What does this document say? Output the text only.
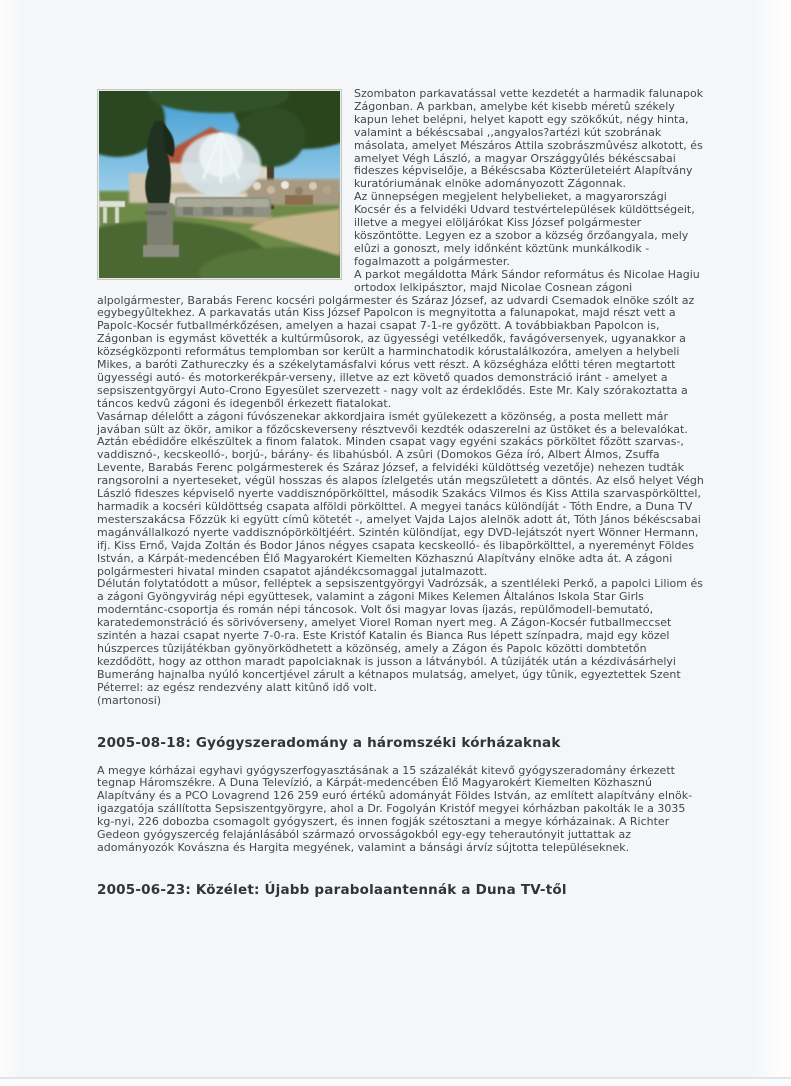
Szombaton parkavatással vette kezdetét a harmadik falunapok Zágonban. A parkban, amelybe két kisebb méretû székely kapun lehet belépni, helyet kapott egy szökőkút, négy hinta, valamint a békéscsabai ,,angyalos?artézi kút szobrának másolata, amelyet Mészáros Attila szobrászmûvész alkotott, és amelyet Végh László, a magyar Országgyûlés békéscsabai fideszes képviselője, a Békéscsaba Közterületeiért Alapítvány kuratóriumának elnöke adományozott Zágonnak.
Az ünnepségen megjelent helybelieket, a magyarországi Kocsér és a felvidéki Udvard testvértelepülések küldöttségeit, illetve a megyei elöljárókat Kiss József polgármester köszöntötte. Legyen ez a szobor a község őrzőangyala, mely elûzi a gonoszt, mely időnként köztünk munkálkodik - fogalmazott a polgármester.
A parkot megáldotta Márk Sándor református és Nicolae Hagiu ortodox lelkipásztor, majd Nicolae Cosnean zágoni alpolgármester, Barabás Ferenc kocséri polgármester és Száraz József, az udvardi Csemadok elnöke szólt az egybegyûltekhez. A parkavatás után Kiss József Papolcon is megnyitotta a falunapokat, majd részt vett a Papolc-Kocsér futballmérkőzésen, amelyen a hazai csapat 7-1-re győzött. A továbbiakban Papolcon is, Zágonban is egymást követték a kultúrmûsorok, az ügyességi vetélkedők, favágóversenyek, ugyanakkor a községközponti református templomban sor került a harminchatodik kórustalálkozóra, amelyen a helybeli Mikes, a baróti Zathureczky és a székelytamásfalvi kórus vett részt. A községháza előtti téren megtartott ügyességi autó- és motorkerékpár-verseny, illetve az ezt követő quados demonstráció iránt - amelyet a sepsiszentgyörgyi Auto-Crono Egyesület szervezett - nagy volt az érdeklődés. Este Mr. Kaly szórakoztatta a táncos kedvû zágoni és idegenből érkezett fiatalokat.
Vasárnap délelőtt a zágoni fúvószenekar akkordjaira ismét gyülekezett a közönség, a posta mellett már javában sült az ökör, amikor a főzőcskeverseny résztvevői kezdték odaszerelni az üstöket és a belevalókat. Aztán ebédidőre elkészültek a finom falatok. Minden csapat vagy egyéni szakács pörköltet főzött szarvas-, vaddisznó-, kecskeolló-, borjú-, bárány- és libahúsból. A zsûri (Domokos Géza író, Albert Álmos, Zsuffa Levente, Barabás Ferenc polgármesterek és Száraz József, a felvidéki küldöttség vezetője) nehezen tudták rangsorolni a nyerteseket, végül hosszas és alapos ízlelgetés után megszületett a döntés. Az első helyet Végh László fideszes képviselő nyerte vaddisznópörkölttel, második Szakács Vilmos és Kiss Attila szarvaspörkölttel, harmadik a kocséri küldöttség csapata alföldi pörkölttel. A megyei tanács különdíját - Tóth Endre, a Duna TV mesterszakácsa Főzzük ki együtt címû kötetét -, amelyet Vajda Lajos alelnök adott át, Tóth János békéscsabai magánvállalkozó nyerte vaddisznópörköltjéért. Szintén különdíjat, egy DVD-lejátszót nyert Wönner Hermann, ifj. Kiss Ernő, Vajda Zoltán és Bodor János négyes csapata kecskeolló- és libapörkölttel, a nyereményt Földes István, a Kárpát-medencében Élő Magyarokért Kiemelten Közhasznú Alapítvány elnöke adta át. A zágoni polgármesteri hivatal minden csapatot ajándékcsomaggal jutalmazott.
Délután folytatódott a mûsor, felléptek a sepsiszentgyörgyi Vadrózsák, a szentléleki Perkő, a papolci Liliom és a zágoni Gyöngyvirág népi együttesek, valamint a zágoni Mikes Kelemen Általános Iskola Star Girls moderntánc-csoportja és román népi táncosok. Volt ősi magyar lovas íjazás, repülőmodell-bemutató, karatedemonstráció és sörivóverseny, amelyet Viorel Roman nyert meg. A Zágon-Kocsér futballmeccset szintén a hazai csapat nyerte 7-0-ra. Este Kristóf Katalin és Bianca Rus lépett színpadra, majd egy közel húszperces tûzijátékban gyönyörködhetett a közönség, amely a Zágon és Papolc közötti dombtetőn kezdődött, hogy az otthon maradt papolciaknak is jusson a látványból. A tûzijáték után a kézdivásárhelyi Bumeráng hajnalba nyúló koncertjével zárult a kétnapos mulatság, amelyet, úgy tûnik, egyeztettek Szent Péterrel: az egész rendezvény alatt kitûnő idő volt.
(martonosi)
2005-08-18: Gyógyszeradomány a háromszéki kórházaknak

A megye kórházai egyhavi gyógyszerfogyasztásának a 15 százalékát kitevő gyógyszeradomány érkezett tegnap Háromszékre. A Duna Televízió, a Kárpát-medencében Élő Magyarokért Kiemelten Közhasznú Alapítvány és a PCO Lovagrend 126 259 euró értékû adományát Földes István, az említett alapítvány elnök-igazgatója szállította Sepsiszentgyörgyre, ahol a Dr. Fogolyán Kristóf megyei kórházban pakolták le a 3035 kg-nyi, 226 dobozba csomagolt gyógyszert, és innen fogják szétosztani a megye kórházainak. A Richter Gedeon gyógyszercég felajánlásából származó orvosságokból egy-egy teherautónyit juttattak az adományozók Kovászna és Hargita megyének, valamint a bánsági árvíz sújtotta településeknek.

2005-06-23: Közélet: Újabb parabolaantennák a Duna TV-től
